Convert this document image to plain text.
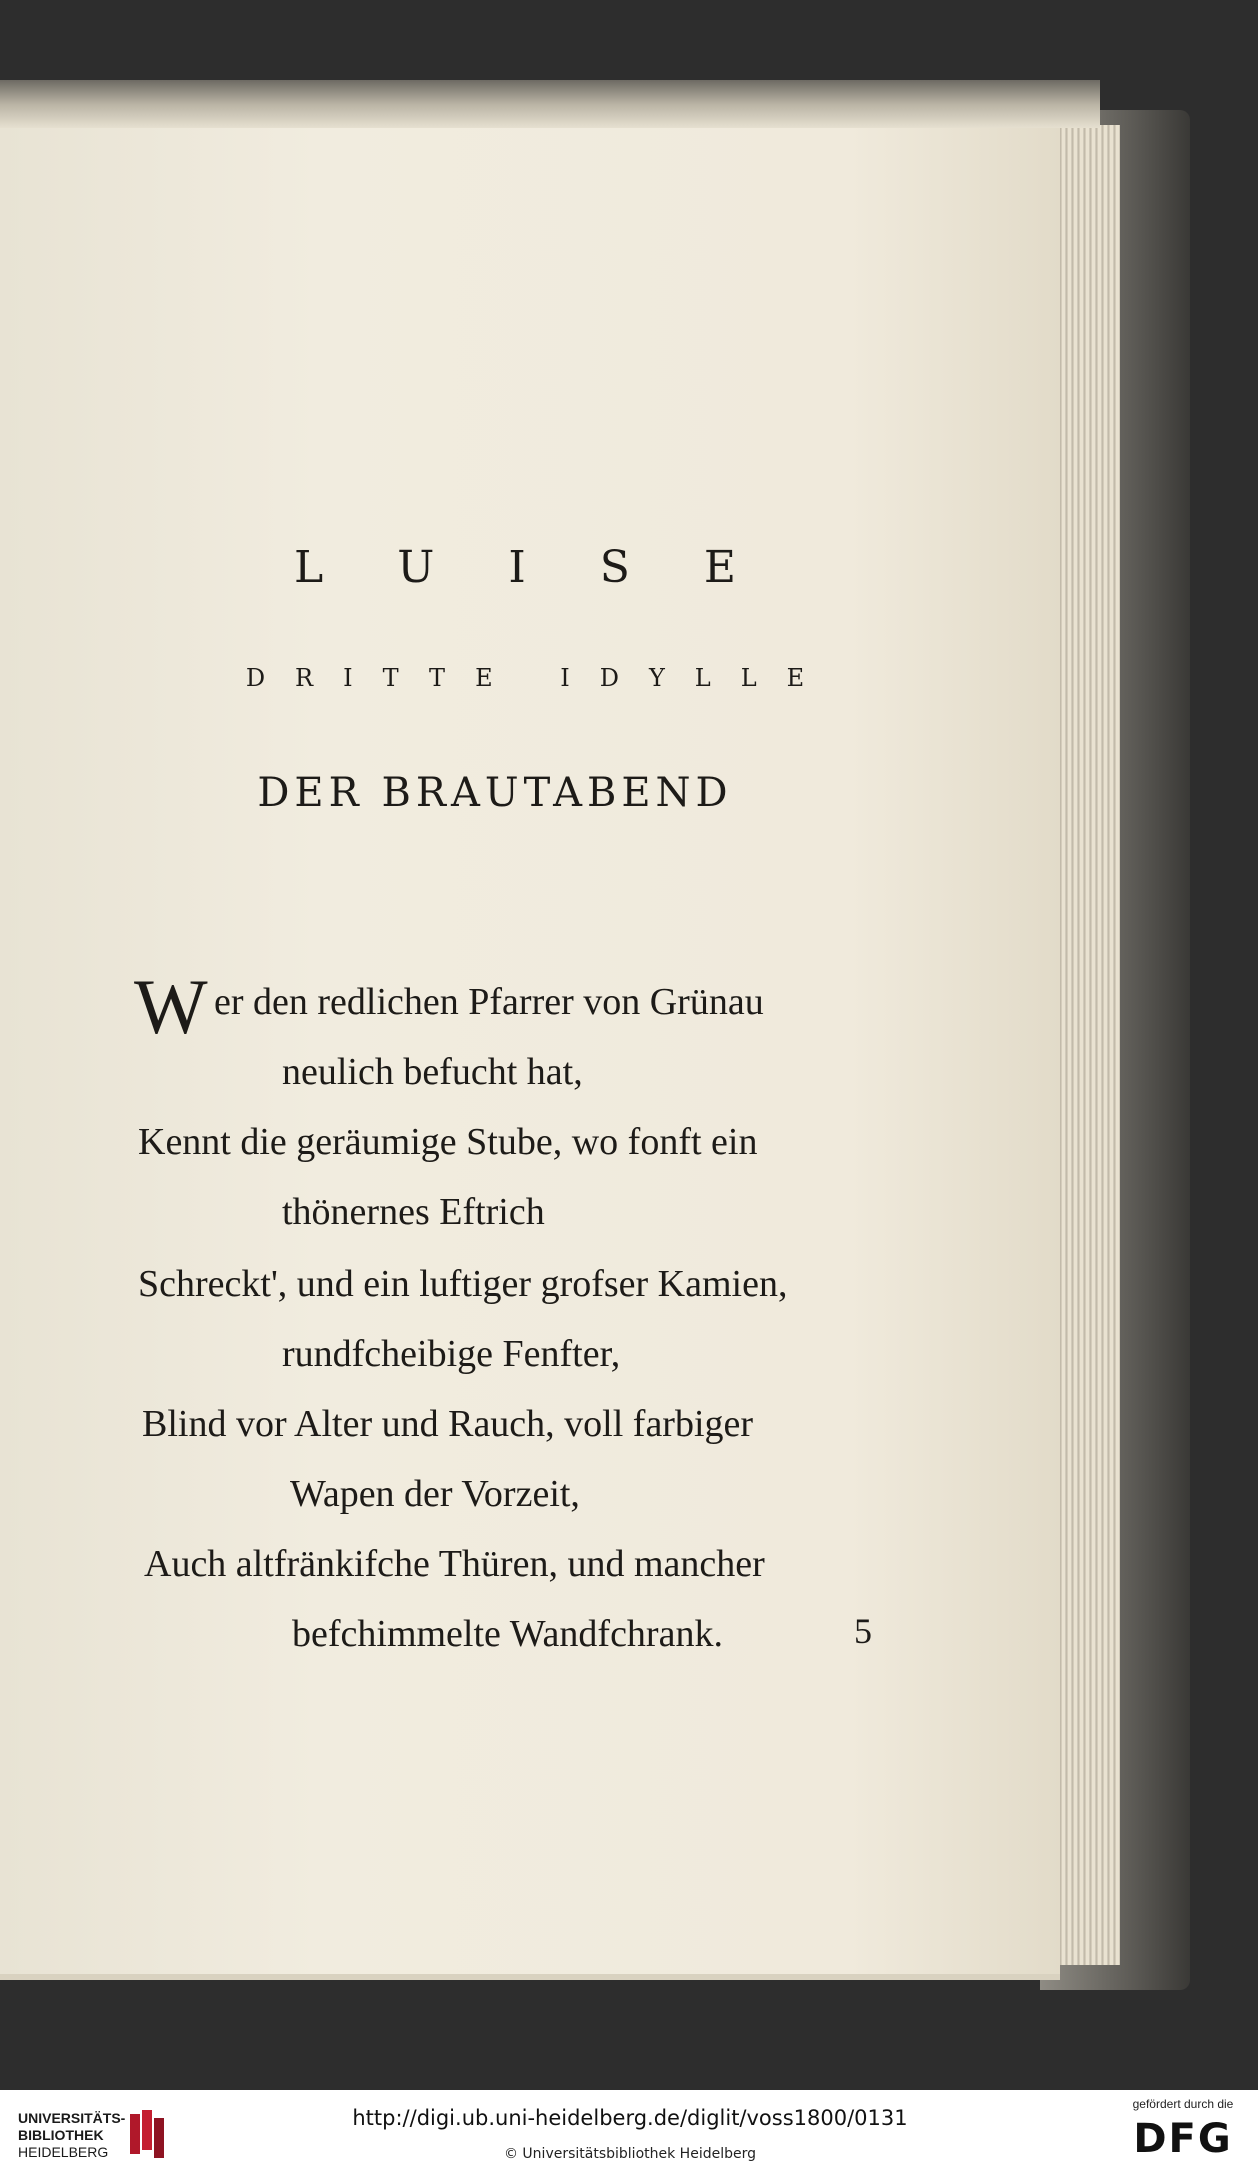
L U I S E
DRITTE IDYLLE
DER BRAUTABEND
W er den redlichen Pfarrer von Grünau
neulich befucht hat,
Kennt die geräumige Stube, wo fonft ein
thönernes Eftrich
Schreckt', und ein luftiger grofser Kamien,
rundfcheibige Fenfter,
Blind vor Alter und Rauch, voll farbiger
Wapen der Vorzeit,
Auch altfränkifche Thüren, und mancher
befchimmelte Wandfchrank.	5
UNIVERSITÄTS-
BIBLIOTHEK
HEIDELBERG
http://digi.ub.uni-heidelberg.de/diglit/voss1800/0131
© Universitätsbibliothek Heidelberg
gefördert durch die
DFG
